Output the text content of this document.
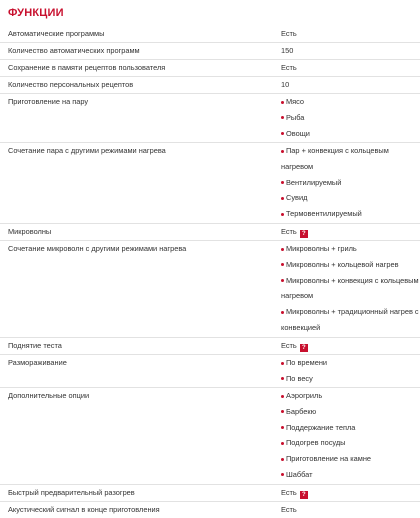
ФУНКЦИИ
Автоматические программы	Есть
Количество автоматических программ	150
Сохранение в памяти рецептов пользователя	Есть
Количество персональных рецептов	10
Приготовление на пару	Мясо
Рыба
Овощи
Сочетание пара с другими режимами нагрева	Пар + конвекция с кольцевым
нагревом
Вентилируемый
Сувид
Термовентилируемый
Микроволны	Есть ?
Сочетание микроволн с другими режимами нагрева	Микроволны + гриль
Микроволны + кольцевой нагрев
Микроволны + конвекция с кольцевым
нагревом
Микроволны + традиционный нагрев с
конвекцией
Поднятие теста	Есть ?
Размораживание	По времени
По весу
Дополнительные опции	Аэрогриль
Барбекю
Поддержание тепла
Подогрев посуды
Приготовление на камне
Шаббат
Быстрый предварительный разогрев	Есть ?
Акустический сигнал в конце приготовления	Есть
